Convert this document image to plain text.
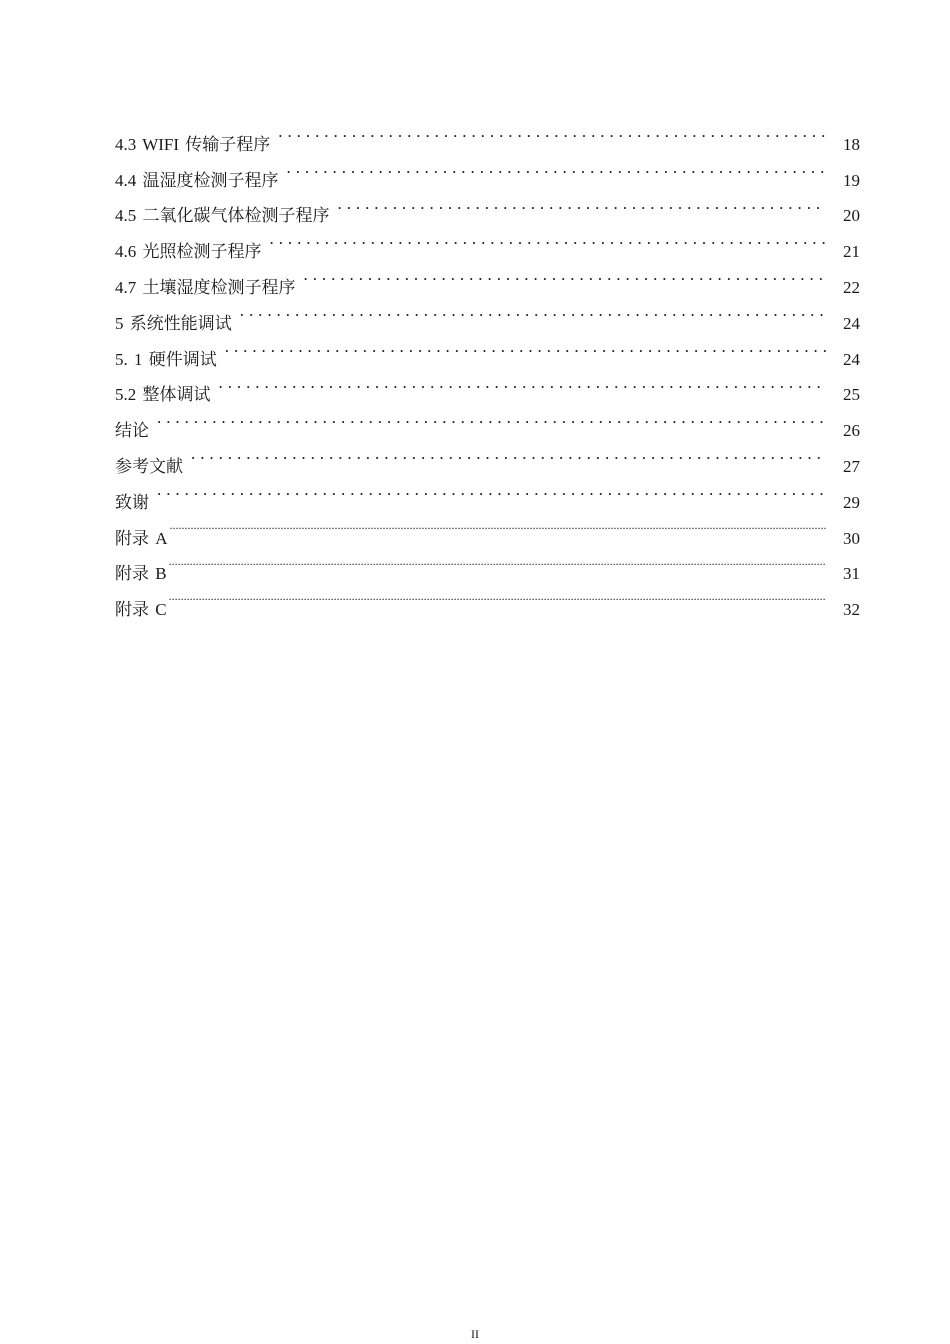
4.3 WIFI 传输子程序 . . .	18
4.4 温湿度检测子程序 . . .	19
4.5 二氧化碳气体检测子程序 . . .	20
4.6 光照检测子程序 . . .	21
4.7 土壤湿度检测子程序 . . .	22
5 系统性能调试 . . .	24
5. 1 硬件调试 . . .	24
5.2 整体调试 . . .	25
结论 . . .	26
参考文献 . . .	27
致谢 . . .	29
附录 A .....	30
附录 B .....	31
附录 C .....	32
II
